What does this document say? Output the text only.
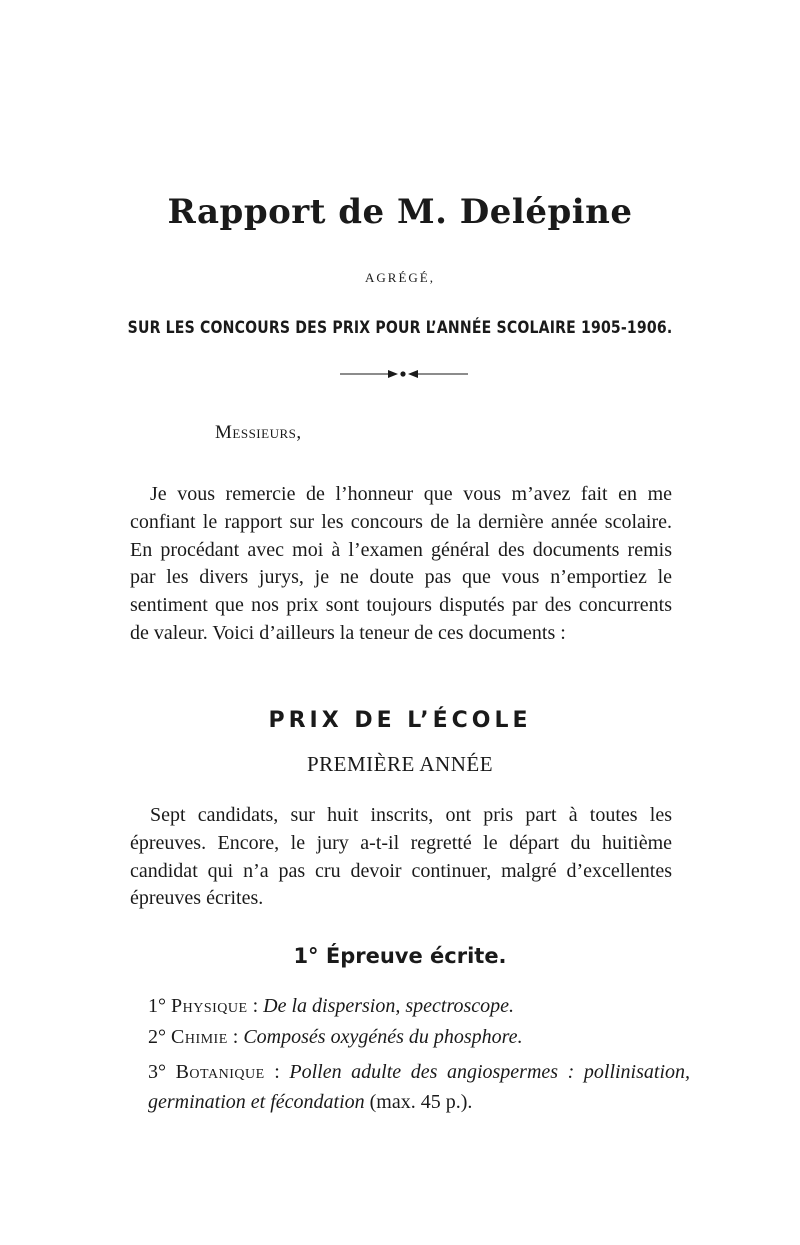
Rapport de M. Delépine
AGRÉGÉ,
SUR LES CONCOURS DES PRIX POUR L’ANNÉE SCOLAIRE 1905-1906.
Messieurs,
Je vous remercie de l’honneur que vous m’avez fait en me confiant le rapport sur les concours de la dernière année scolaire. En procédant avec moi à l’examen général des documents remis par les divers jurys, je ne doute pas que vous n’emportiez le sentiment que nos prix sont toujours disputés par des concurrents de valeur. Voici d’ailleurs la teneur de ces documents :
PRIX DE L’ÉCOLE
PREMIÈRE ANNÉE
Sept candidats, sur huit inscrits, ont pris part à toutes les épreuves. Encore, le jury a-t-il regretté le départ du huitième candidat qui n’a pas cru devoir continuer, malgré d’excellentes épreuves écrites.
1° Épreuve écrite.
1° Physique : De la dispersion, spectroscope.
2° Chimie : Composés oxygénés du phosphore.
3° Botanique : Pollen adulte des angiospermes : pollinisation, germination et fécondation (max. 45 p.).
